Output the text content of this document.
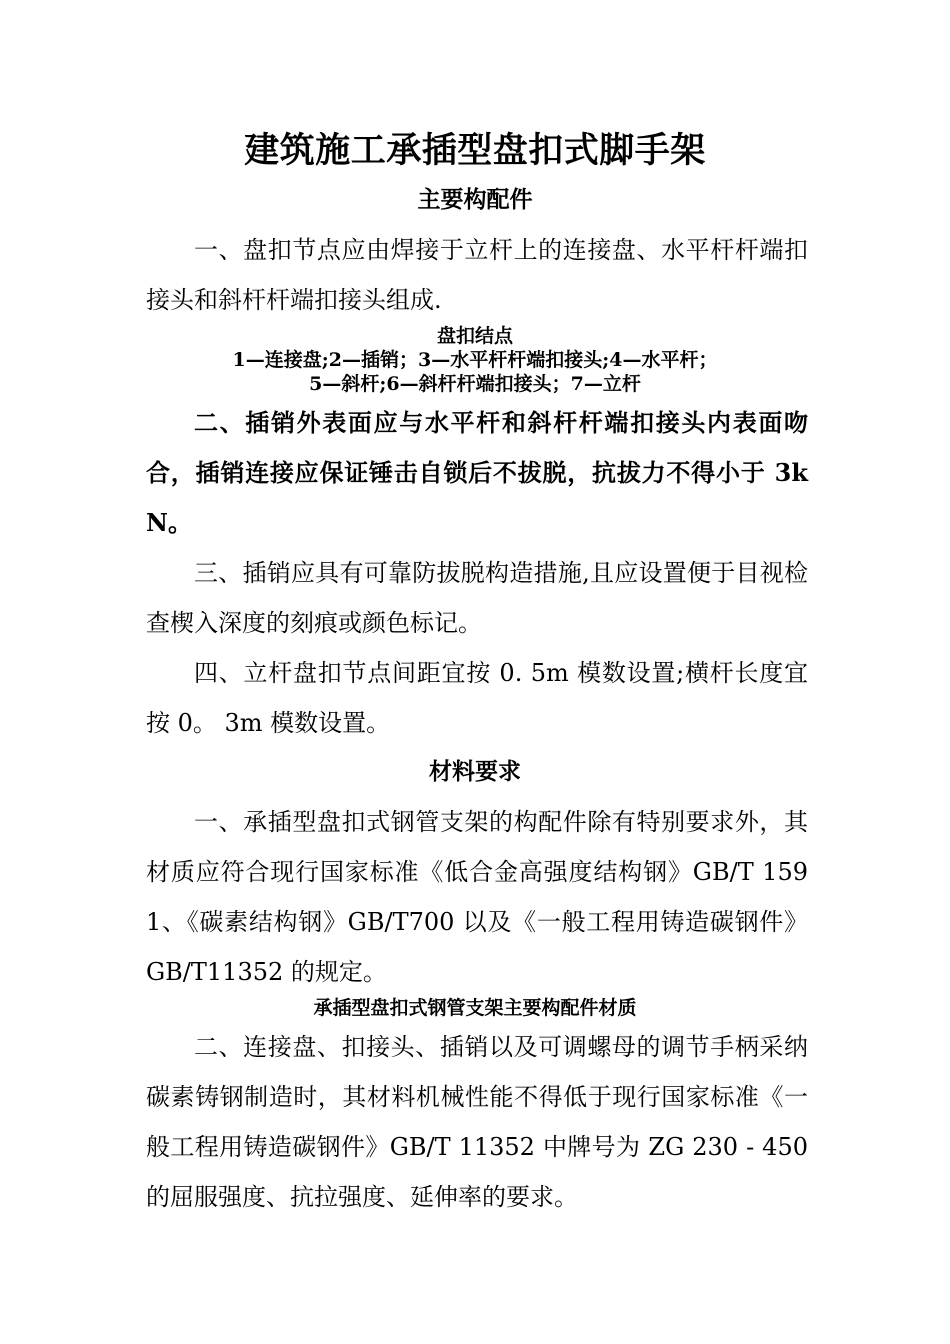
建筑施工承插型盘扣式脚手架
主要构配件

一、盘扣节点应由焊接于立杆上的连接盘、水平杆杆端扣接头和斜杆杆端扣接头组成.

盘扣结点

1—连接盘;2—插销；3—水平杆杆端扣接头;4—水平杆；

5—斜杆;6—斜杆杆端扣接头；7—立杆

二、插销外表面应与水平杆和斜杆杆端扣接头内表面吻合，插销连接应保证锤击自锁后不拔脱，抗拔力不得小于 3kN。

三、插销应具有可靠防拔脱构造措施,且应设置便于目视检查楔入深度的刻痕或颜色标记。

四、立杆盘扣节点间距宜按 0. 5m 模数设置;横杆长度宜按 0。 3m 模数设置。

材料要求

一、承插型盘扣式钢管支架的构配件除有特别要求外，其材质应符合现行国家标准《低合金高强度结构钢》GB/T 1591、《碳素结构钢》GB/T700 以及《一般工程用铸造碳钢件》GB/T11352 的规定。

承插型盘扣式钢管支架主要构配件材质

二、连接盘、扣接头、插销以及可调螺母的调节手柄采纳碳素铸钢制造时，其材料机械性能不得低于现行国家标准《一般工程用铸造碳钢件》GB/T 11352 中牌号为 ZG 230 - 450 的屈服强度、抗拉强度、延伸率的要求。
